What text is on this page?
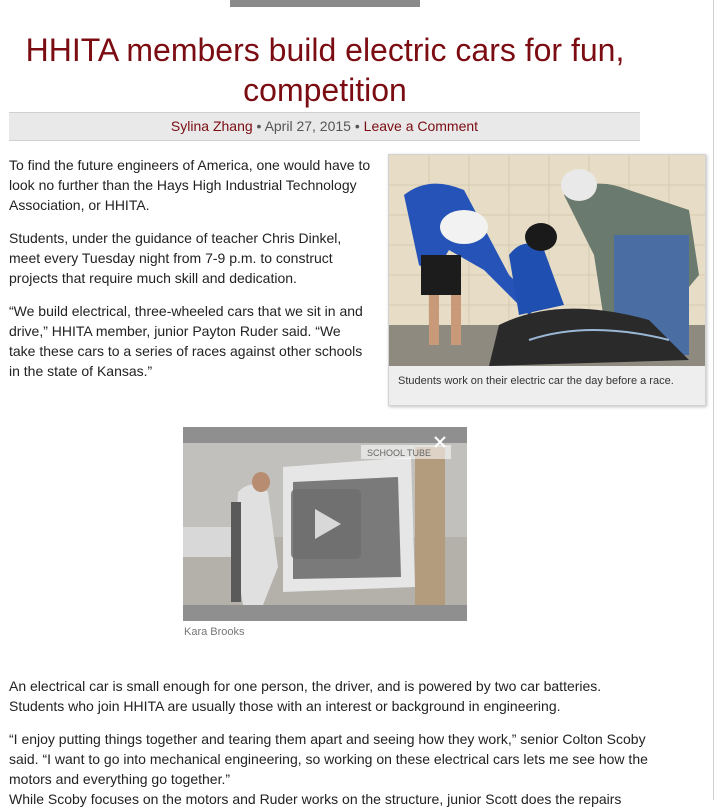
HHITA members build electric cars for fun, competition
Sylina Zhang • April 27, 2015 • Leave a Comment

To find the future engineers of America, one would have to look no further than the Hays High Industrial Technology Association, or HHITA.

Students, under the guidance of teacher Chris Dinkel, meet every Tuesday night from 7-9 p.m. to construct projects that require much skill and dedication.

“We build electrical, three-wheeled cars that we sit in and drive,” HHITA member, junior Payton Ruder said. “We take these cars to a series of races against other schools in the state of Kansas.”

Students work on their electric car the day before a race.
SCHOOL TUBE
Kara Brooks

An electrical car is small enough for one person, the driver, and is powered by two car batteries. Students who join HHITA are usually those with an interest or background in engineering.

“I enjoy putting things together and tearing them apart and seeing how they work,” senior Colton Scoby said. “I want to go into mechanical engineering, so working on these electrical cars lets me see how the motors and everything go together.”

While Scoby focuses on the motors and Ruder works on the structure, junior Scott does the repairs
